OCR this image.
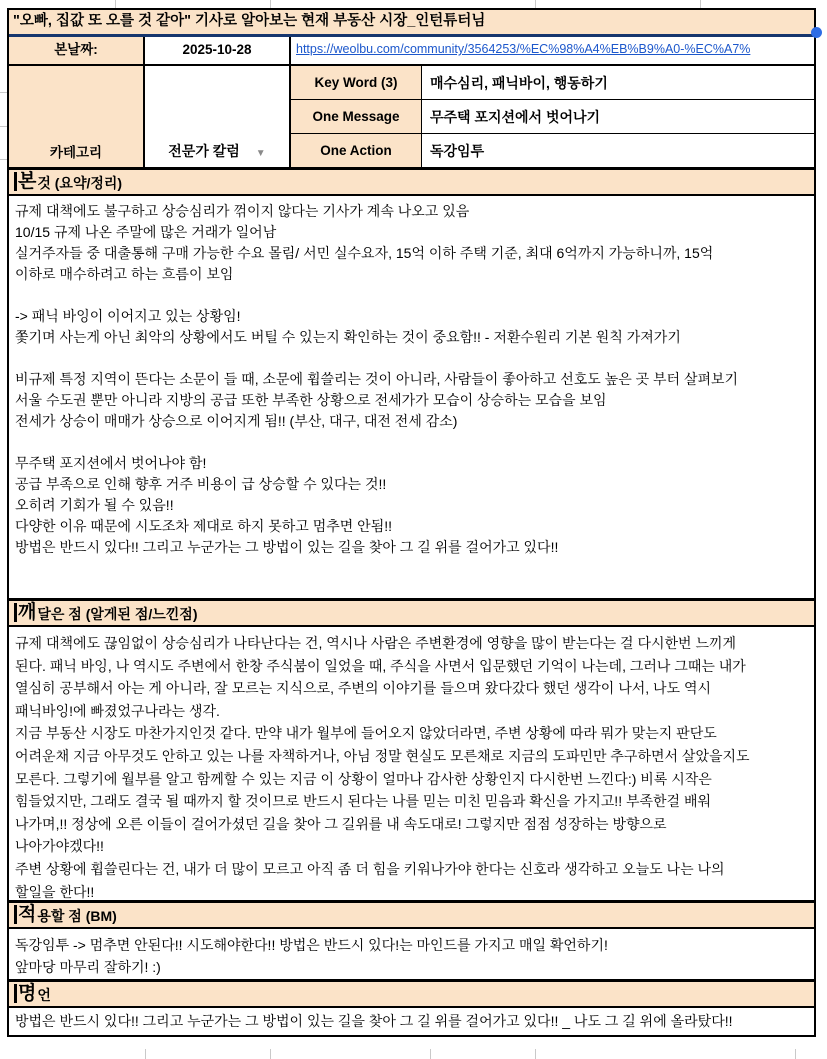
"오빠, 집값 또 오를 것 같아" 기사로 알아보는 현재 부동산 시장_인턴튜터님
본날짜:	2025-10-28	https://weolbu.com/community/3564253/%EC%98%A4%EB%B9%A0-%EC%A7%
카테고리	전문가 칼럼 ▼
Key Word (3)	매수심리, 패닉바이, 행동하기
One Message	무주택 포지션에서 벗어나기
One Action	독강임투
본 것 (요약/정리)
규제 대책에도 불구하고 상승심리가 꺾이지 않다는 기사가 계속 나오고 있음
10/15 규제 나온 주말에 많은 거래가 일어남
실거주자들 중 대출통해 구매 가능한 수요 몰림/ 서민 실수요자, 15억 이하 주택 기준, 최대 6억까지 가능하니까, 15억
이하로 매수하려고 하는 흐름이 보임
-> 패닉 바잉이 이어지고 있는 상황임!
쫓기며 사는게 아닌 최악의 상황에서도 버틸 수 있는지 확인하는 것이 중요함!! - 저환수원리 기본 원칙 가져가기
비규제 특정 지역이 뜬다는 소문이 들 때, 소문에 휩쓸리는 것이 아니라, 사람들이 좋아하고 선호도 높은 곳 부터 살펴보기
서울 수도권 뿐만 아니라 지방의 공급 또한 부족한 상황으로 전세가가 모습이 상승하는 모습을 보임
전세가 상승이 매매가 상승으로 이어지게 됨!! (부산, 대구, 대전 전세 감소)
무주택 포지션에서 벗어나야 함!
공급 부족으로 인해 향후 거주 비용이 급 상승할 수 있다는 것!!
오히려 기회가 될 수 있음!!
다양한 이유 때문에 시도조차 제대로 하지 못하고 멈추면 안됨!!
방법은 반드시 있다!! 그리고 누군가는 그 방법이 있는 길을 찾아 그 길 위를 걸어가고 있다!!
깨 달은 점 (알게된 점/느낀점)
규제 대책에도 끊임없이 상승심리가 나타난다는 건, 역시나 사람은 주변환경에 영향을 많이 받는다는 걸 다시한번 느끼게
된다. 패닉 바잉, 나 역시도 주변에서 한창 주식붐이 일었을 때, 주식을 사면서 입문했던 기억이 나는데, 그러나 그때는 내가
열심히 공부해서 아는 게 아니라, 잘 모르는 지식으로, 주변의 이야기를 들으며 왔다갔다 했던 생각이 나서, 나도 역시
패닉바잉!에 빠졌었구나라는 생각.
지금 부동산 시장도 마찬가지인것 같다. 만약 내가 월부에 들어오지 않았더라면, 주변 상황에 따라 뭐가 맞는지 판단도
어려운채 지금 아무것도 안하고 있는 나를 자책하거나, 아님 정말 현실도 모른채로 지금의 도파민만 추구하면서 살았을지도
모른다. 그렇기에 월부를 알고 함께할 수 있는 지금 이 상황이 얼마나 감사한 상황인지 다시한번 느낀다:) 비록 시작은
힘들었지만, 그래도 결국 될 때까지 할 것이므로 반드시 된다는 나를 믿는 미친 믿음과 확신을 가지고!! 부족한걸 배워
나가며,!! 정상에 오른 이들이 걸어가셨던 길을 찾아 그 길위를 내 속도대로! 그렇지만 점점 성장하는 방향으로
나아가야겠다!!
주변 상황에 휩쓸린다는 건, 내가 더 많이 모르고 아직 좀 더 힘을 키워나가야 한다는 신호라 생각하고 오늘도 나는 나의
할일을 한다!!
적 용할 점 (BM)
독강임투 -> 멈추면 안된다!! 시도해야한다!! 방법은 반드시 있다!는 마인드를 가지고 매일 확언하기!
앞마당 마무리 잘하기! :)
명 언
방법은 반드시 있다!! 그리고 누군가는 그 방법이 있는 길을 찾아 그 길 위를 걸어가고 있다!! _ 나도 그 길 위에 올라탔다!!
